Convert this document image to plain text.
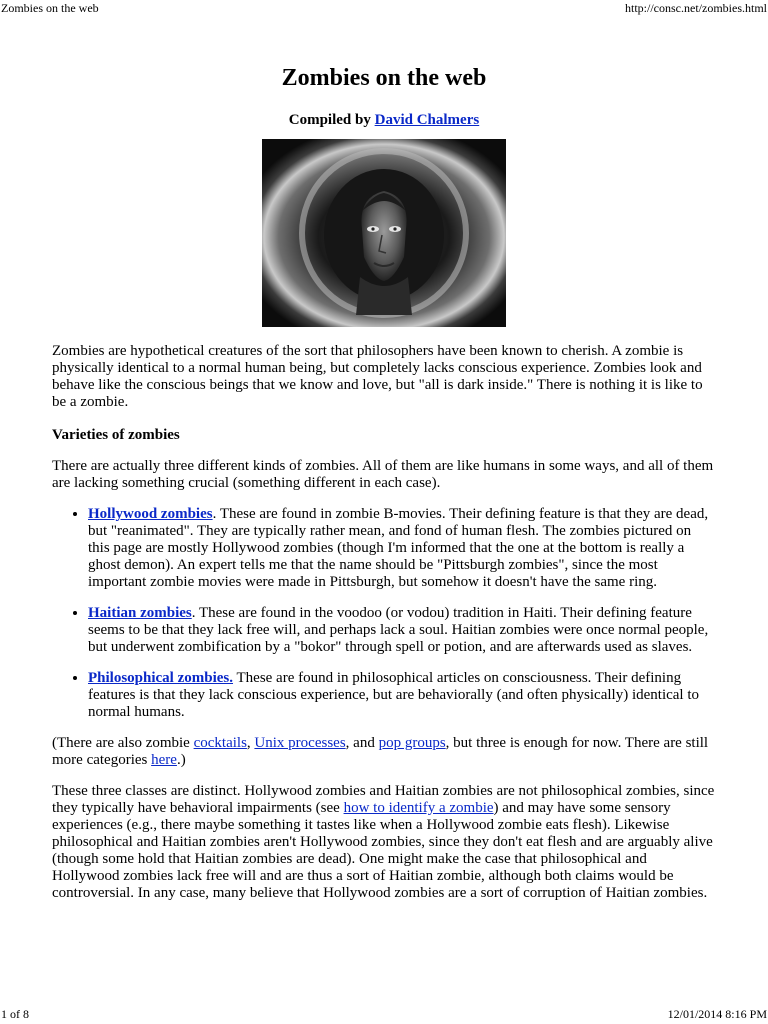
Zombies on the web	http://consc.net/zombies.html
Zombies on the web
Compiled by David Chalmers

Zombies are hypothetical creatures of the sort that philosophers have been known to cherish. A zombie is physically identical to a normal human being, but completely lacks conscious experience. Zombies look and behave like the conscious beings that we know and love, but "all is dark inside." There is nothing it is like to be a zombie.

Varieties of zombies

There are actually three different kinds of zombies. All of them are like humans in some ways, and all of them are lacking something crucial (something different in each case).

• Hollywood zombies. These are found in zombie B-movies. Their defining feature is that they are dead, but "reanimated". They are typically rather mean, and fond of human flesh. The zombies pictured on this page are mostly Hollywood zombies (though I'm informed that the one at the bottom is really a ghost demon). An expert tells me that the name should be "Pittsburgh zombies", since the most important zombie movies were made in Pittsburgh, but somehow it doesn't have the same ring.
• Haitian zombies. These are found in the voodoo (or vodou) tradition in Haiti. Their defining feature seems to be that they lack free will, and perhaps lack a soul. Haitian zombies were once normal people, but underwent zombification by a "bokor" through spell or potion, and are afterwards used as slaves.
• Philosophical zombies. These are found in philosophical articles on consciousness. Their defining features is that they lack conscious experience, but are behaviorally (and often physically) identical to normal humans.

(There are also zombie cocktails, Unix processes, and pop groups, but three is enough for now. There are still more categories here.)

These three classes are distinct. Hollywood zombies and Haitian zombies are not philosophical zombies, since they typically have behavioral impairments (see how to identify a zombie) and may have some sensory experiences (e.g., there maybe something it tastes like when a Hollywood zombie eats flesh). Likewise philosophical and Haitian zombies aren't Hollywood zombies, since they don't eat flesh and are arguably alive (though some hold that Haitian zombies are dead). One might make the case that philosophical and Hollywood zombies lack free will and are thus a sort of Haitian zombie, although both claims would be controversial. In any case, many believe that Hollywood zombies are a sort of corruption of Haitian zombies.

1 of 8	12/01/2014 8:16 PM
